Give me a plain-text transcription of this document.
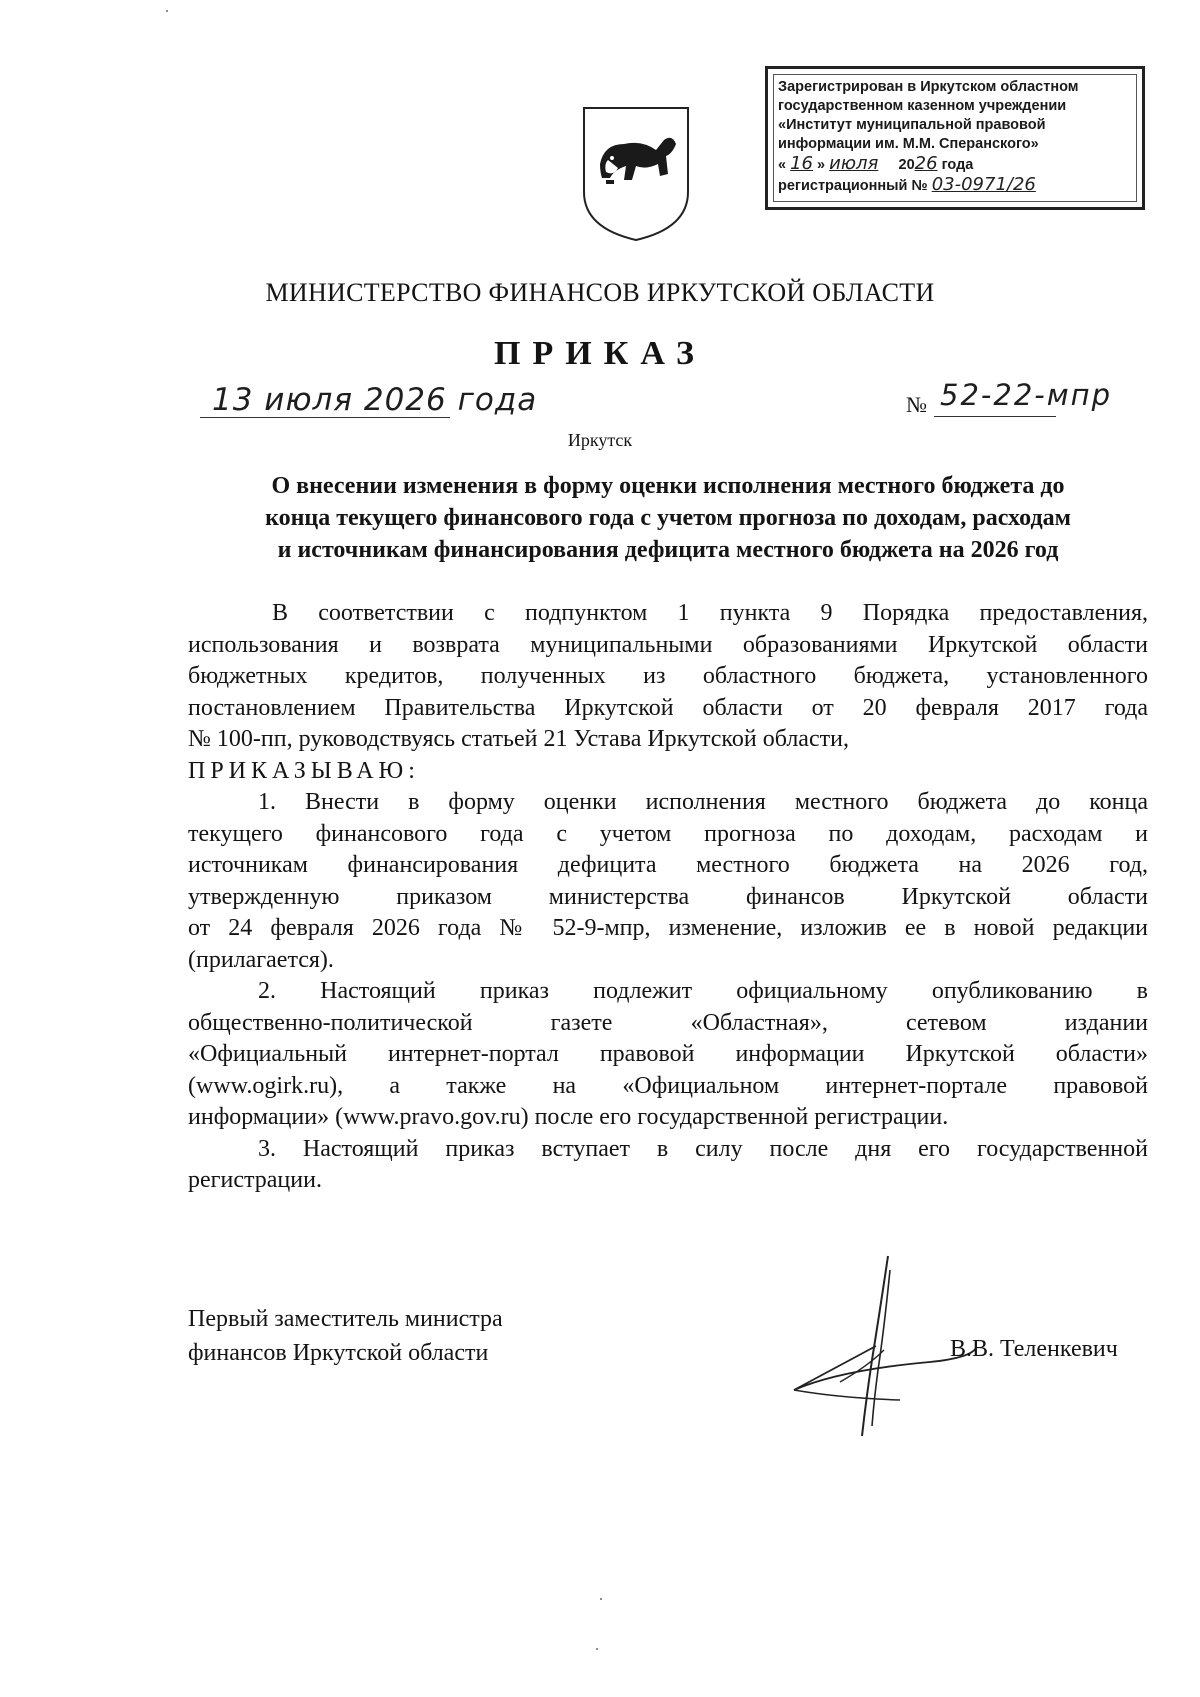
Зарегистрирован в Иркутском областном
государственном казенном учреждении
«Институт муниципальной правовой
информации им. М.М. Сперанского»
« 16 » июля 2026 года
регистрационный № 03-0971/26
МИНИСТЕРСТВО ФИНАНСОВ ИРКУТСКОЙ ОБЛАСТИ
ПРИКАЗ
13 июля 2026 года	№ 52-22-мпр
Иркутск
О внесении изменения в форму оценки исполнения местного бюджета до
конца текущего финансового года с учетом прогноза по доходам, расходам
и источникам финансирования дефицита местного бюджета на 2026 год
В соответствии с подпунктом 1 пункта 9 Порядка предоставления,
использования и возврата муниципальными образованиями Иркутской области
бюджетных кредитов, полученных из областного бюджета, установленного
постановлением Правительства Иркутской области от 20 февраля 2017 года
№ 100-пп, руководствуясь статьей 21 Устава Иркутской области,
ПРИКАЗЫВАЮ:
1. Внести в форму оценки исполнения местного бюджета до конца
текущего финансового года с учетом прогноза по доходам, расходам и
источникам финансирования дефицита местного бюджета на 2026 год,
утвержденную приказом министерства финансов Иркутской области
от 24 февраля 2026 года № 52-9-мпр, изменение, изложив ее в новой редакции
(прилагается).
2. Настоящий приказ подлежит официальному опубликованию в
общественно-политической газете «Областная», сетевом издании
«Официальный интернет-портал правовой информации Иркутской области»
(www.ogirk.ru), а также на «Официальном интернет-портале правовой
информации» (www.pravo.gov.ru) после его государственной регистрации.
3. Настоящий приказ вступает в силу после дня его государственной
регистрации.
Первый заместитель министра
финансов Иркутской области	В.В. Теленкевич
